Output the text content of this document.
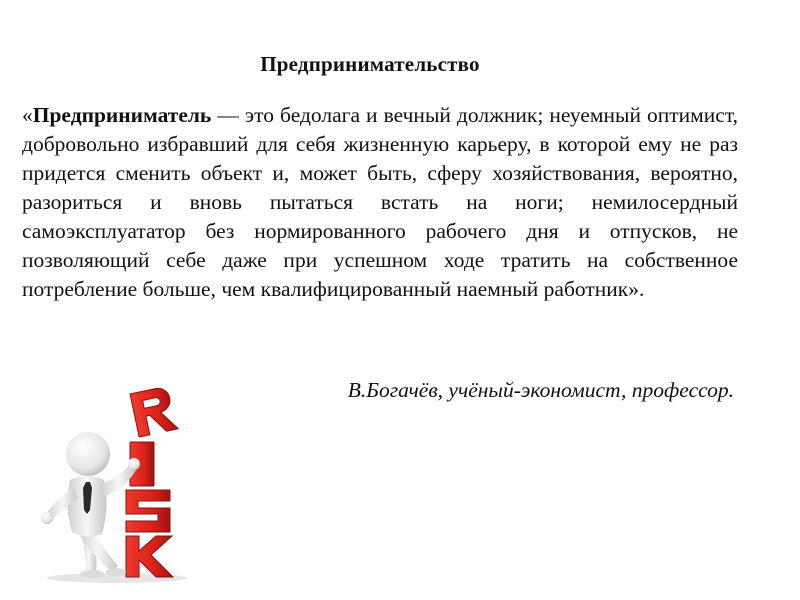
Предпринимательство

«Предприниматель — это бедолага и вечный должник; неуемный оптимист, добровольно избравший для себя жизненную карьеру, в которой ему не раз придется сменить объект и, может быть, сферу хозяйствования, вероятно, разориться и вновь пытаться встать на ноги; немилосердный самоэксплуататор без нормированного рабочего дня и отпусков, не позволяющий себе даже при успешном ходе тратить на собственное потребление больше, чем квалифицированный наемный работник».

В.Богачёв, учёный-экономист, профессор.
